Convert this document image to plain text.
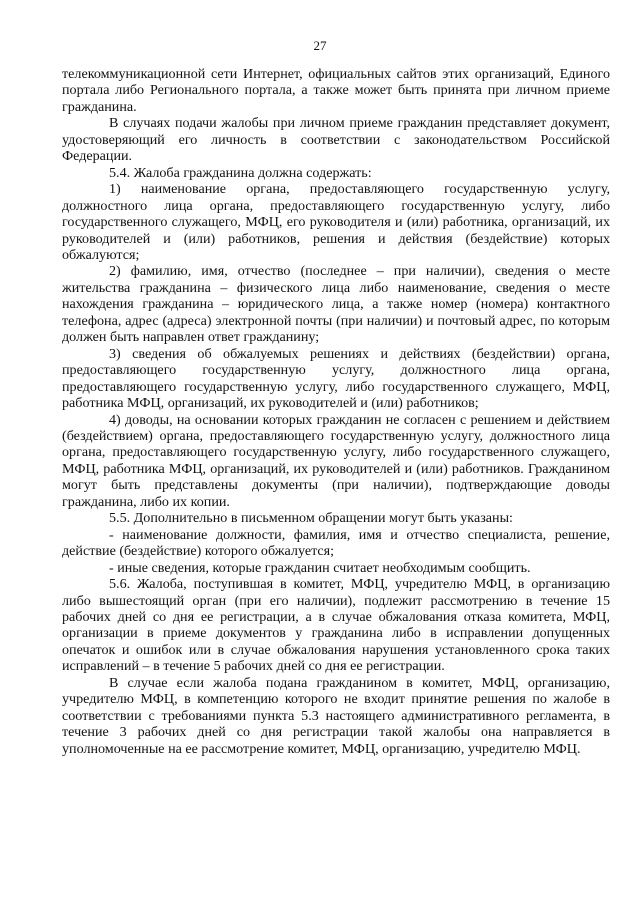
27

телекоммуникационной сети Интернет, официальных сайтов этих организаций, Единого портала либо Регионального портала, а также может быть принята при личном приеме гражданина.

В случаях подачи жалобы при личном приеме гражданин представляет документ, удостоверяющий его личность в соответствии с законодательством Российской Федерации.

5.4. Жалоба гражданина должна содержать:

1) наименование органа, предоставляющего государственную услугу, должностного лица органа, предоставляющего государственную услугу, либо государственного служащего, МФЦ, его руководителя и (или) работника, организаций, их руководителей и (или) работников, решения и действия (бездействие) которых обжалуются;

2) фамилию, имя, отчество (последнее – при наличии), сведения о месте жительства гражданина – физического лица либо наименование, сведения о месте нахождения гражданина – юридического лица, а также номер (номера) контактного телефона, адрес (адреса) электронной почты (при наличии) и почтовый адрес, по которым должен быть направлен ответ гражданину;

3) сведения об обжалуемых решениях и действиях (бездействии) органа, предоставляющего государственную услугу, должностного лица органа, предоставляющего государственную услугу, либо государственного служащего, МФЦ, работника МФЦ, организаций, их руководителей и (или) работников;

4) доводы, на основании которых гражданин не согласен с решением и действием (бездействием) органа, предоставляющего государственную услугу, должностного лица органа, предоставляющего государственную услугу, либо государственного служащего, МФЦ, работника МФЦ, организаций, их руководителей и (или) работников. Гражданином могут быть представлены документы (при наличии), подтверждающие доводы гражданина, либо их копии.

5.5. Дополнительно в письменном обращении могут быть указаны:

- наименование должности, фамилия, имя и отчество специалиста, решение, действие (бездействие) которого обжалуется;

- иные сведения, которые гражданин считает необходимым сообщить.

5.6. Жалоба, поступившая в комитет, МФЦ, учредителю МФЦ, в организацию либо вышестоящий орган (при его наличии), подлежит рассмотрению в течение 15 рабочих дней со дня ее регистрации, а в случае обжалования отказа комитета, МФЦ, организации в приеме документов у гражданина либо в исправлении допущенных опечаток и ошибок или в случае обжалования нарушения установленного срока таких исправлений – в течение 5 рабочих дней со дня ее регистрации.

В случае если жалоба подана гражданином в комитет, МФЦ, организацию, учредителю МФЦ, в компетенцию которого не входит принятие решения по жалобе в соответствии с требованиями пункта 5.3 настоящего административного регламента, в течение 3 рабочих дней со дня регистрации такой жалобы она направляется в уполномоченные на ее рассмотрение комитет, МФЦ, организацию, учредителю МФЦ.
